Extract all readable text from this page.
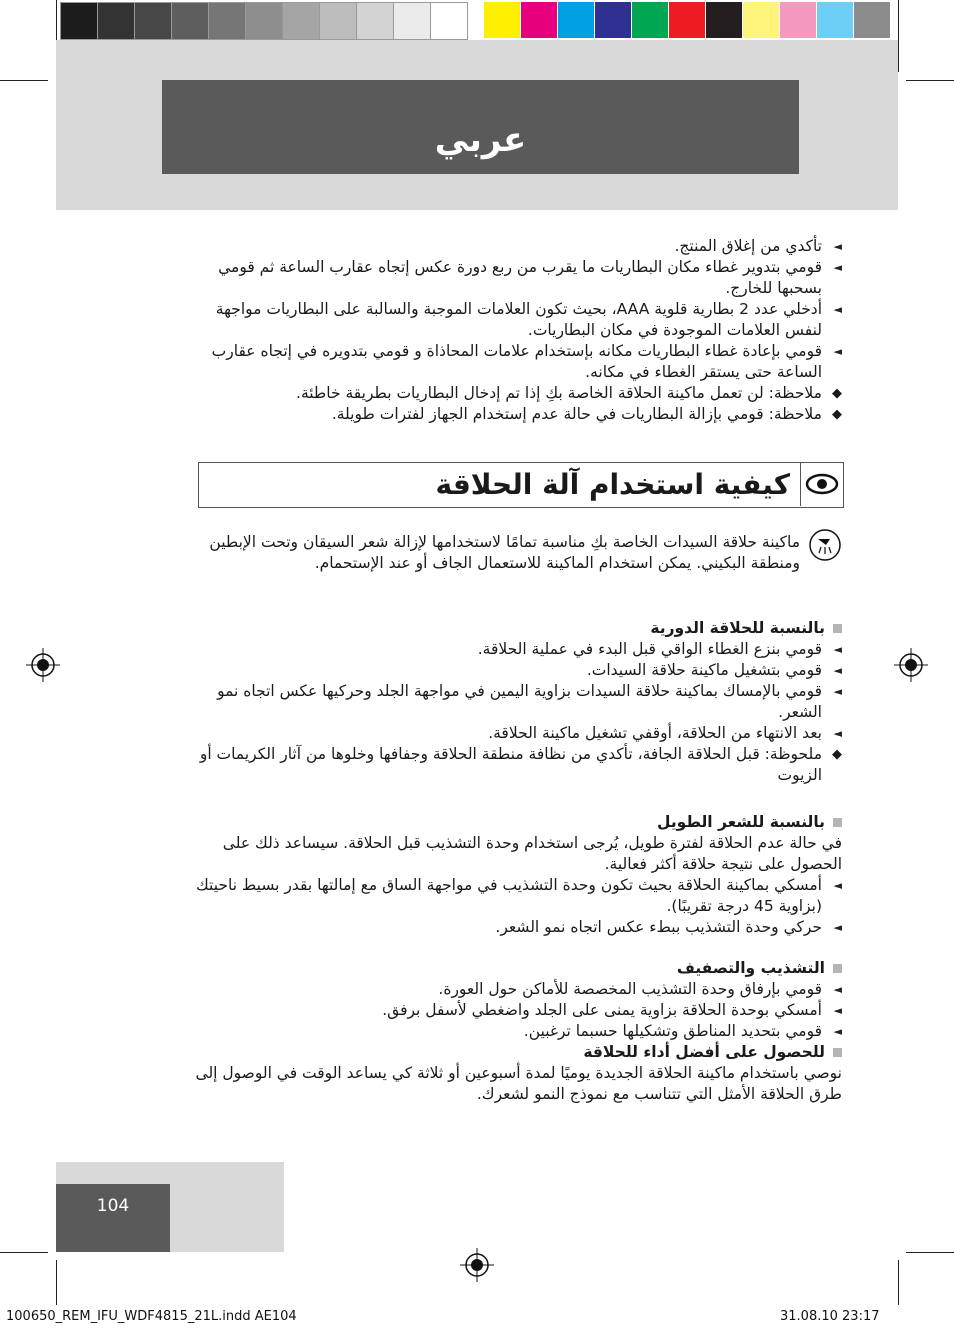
عربي
◄
تأكدي من إغلاق المنتج.
◄
قومي بتدوير غطاء مكان البطاريات ما يقرب من ربع دورة عكس إتجاه عقارب الساعة ثم قومي بسحبها للخارج.
◄
أدخلي عدد 2 بطارية قلوية AAA، بحيث تكون العلامات الموجبة والسالبة على البطاريات مواجهة لنفس العلامات الموجودة في مكان البطاريات.
◄
قومي بإعادة غطاء البطاريات مكانه بإستخدام علامات المحاذاة و قومي بتدويره في إتجاه عقارب الساعة حتى يستقر الغطاء في مكانه.
◆
ملاحظة: لن تعمل ماكينة الحلاقة الخاصة بكِ إذا تم إدخال البطاريات بطريقة خاطئة.
◆
ملاحظة: قومي بإزالة البطاريات في حالة عدم إستخدام الجهاز لفترات طويلة.
كيفية استخدام آلة الحلاقة
ماكينة حلاقة السيدات الخاصة بكِ مناسبة تمامًا لاستخدامها لإزالة شعر السيقان وتحت الإبطين ومنطقة البكيني. يمكن استخدام الماكينة للاستعمال الجاف أو عند الإستحمام.
بالنسبة للحلاقة الدورية
◄
قومي بنزع الغطاء الواقي قبل البدء في عملية الحلاقة.
◄
قومي بتشغيل ماكينة حلاقة السيدات.
◄
قومي بالإمساك بماكينة حلاقة السيدات بزاوية اليمين في مواجهة الجلد وحركيها عكس اتجاه نمو الشعر.
◄
بعد الانتهاء من الحلاقة، أوقفي تشغيل ماكينة الحلاقة.
◆
ملحوظة: قبل الحلاقة الجافة، تأكدي من نظافة منطقة الحلاقة وجفافها وخلوها من آثار الكريمات أو الزيوت
بالنسبة للشعر الطويل
في حالة عدم الحلاقة لفترة طويل، يُرجى استخدام وحدة التشذيب قبل الحلاقة. سيساعد ذلك على الحصول على نتيجة حلاقة أكثر فعالية.
◄
أمسكي بماكينة الحلاقة بحيث تكون وحدة التشذيب في مواجهة الساق مع إمالتها بقدر بسيط ناحيتك (بزاوية 45 درجة تقريبًا).
◄
حركي وحدة التشذيب ببطء عكس اتجاه نمو الشعر.
التشذيب والتصفيف
◄
قومي بإرفاق وحدة التشذيب المخصصة للأماكن حول العورة.
◄
أمسكي بوحدة الحلاقة بزاوية يمنى على الجلد واضغطي لأسفل برفق.
◄
قومي بتحديد المناطق وتشكيلها حسبما ترغبين.
للحصول على أفضل أداء للحلاقة
نوصي باستخدام ماكينة الحلاقة الجديدة يوميًا لمدة أسبوعين أو ثلاثة كي يساعد الوقت في الوصول إلى طرق الحلاقة الأمثل التي تتناسب مع نموذج النمو لشعرك.
104
100650_REM_IFU_WDF4815_21L.indd AE104	31.08.10 23:17
